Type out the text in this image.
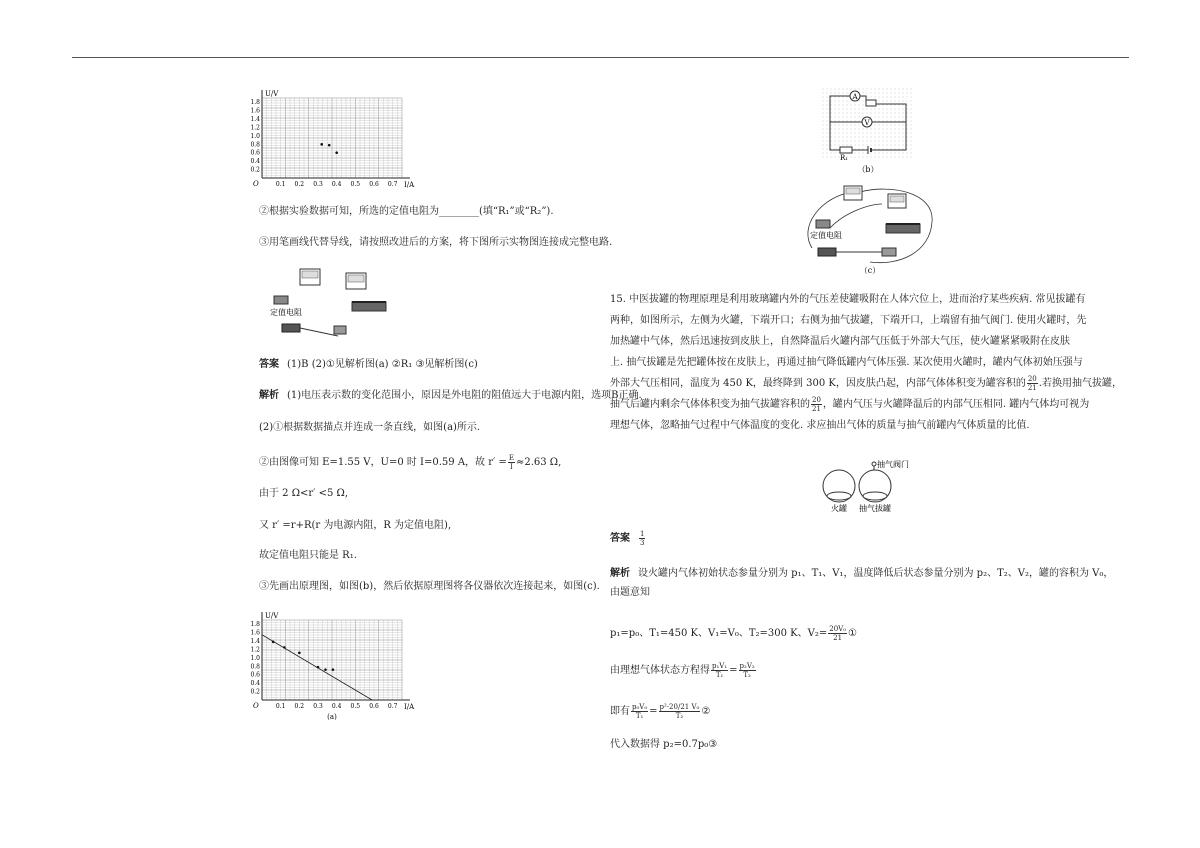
U/V
I/A
O
0.2
0.4
0.6
0.8
1.0
1.2
1.4
1.6
1.8
0.1 0.2 0.3 0.4 0.5 0.6 0.7
②根据实验数据可知，所选的定值电阻为________(填“R₁”或“R₂”).
③用笔画线代替导线，请按照改进后的方案，将下图所示实物图连接成完整电路.
定值电阻
答案 (1)B (2)①见解析图(a) ②R₁ ③见解析图(c)
解析 (1)电压表示数的变化范围小，原因是外电阻的阻值远大于电源内阻，选项B正确.
(2)①根据数据描点并连成一条直线，如图(a)所示.
②由图像可知 E=1.55 V，U=0 时 I=0.59 A，故 $r' = \frac{E}{I} \approx 2.63$ Ω,
由于 2 Ω<r′ <5 Ω,
又 r′ =r+R(r 为电源内阻，R 为定值电阻),
故定值电阻只能是 R₁.
③先画出原理图，如图(b)，然后依据原理图将各仪器依次连接起来，如图(c).
U/V
I/A
O
0.2
0.4
0.6
0.8
1.0
1.2
1.4
1.6
1.8
0.1 0.2 0.3 0.4 0.5 0.6 0.7
(a)
A
V
R₁
（b）
定值电阻
（c）
15. 中医拔罐的物理原理是利用玻璃罐内外的气压差使罐吸附在人体穴位上，进而治疗某些疾病. 常见拔罐有
两种，如图所示，左侧为火罐，下端开口；右侧为抽气拔罐，下端开口，上端留有抽气阀门. 使用火罐时，先
加热罐中气体，然后迅速按到皮肤上，自然降温后火罐内部气压低于外部大气压，使火罐紧紧吸附在皮肤
上. 抽气拔罐是先把罐体按在皮肤上，再通过抽气降低罐内气体压强. 某次使用火罐时，罐内气体初始压强与
外部大气压相同，温度为 450 K，最终降到 300 K，因皮肤凸起，内部气体体积变为罐容积的 $\frac{20}{21}$ .若换用抽气拔罐，
抽气后罐内剩余气体体积变为抽气拔罐容积的 $\frac{20}{21}$ ，罐内气压与火罐降温后的内部气压相同. 罐内气体均可视为
理想气体，忽略抽气过程中气体温度的变化. 求应抽出气体的质量与抽气前罐内气体质量的比值.
抽气阀门
火罐 抽气拔罐
答案 $\frac{1}{3}$
解析 设火罐内气体初始状态参量分别为 p₁、T₁、V₁，温度降低后状态参量分别为 p₂、T₂、V₂，罐的容积为 V₀，
由题意知
p₁=p₀、T₁=450 K、V₁=V₀、T₂=300 K、$V_2= \frac{\text{20V₀}}{21}$ ①
由理想气体状态方程得 $\frac{\text{p₁V₁}}{\text{T₁}} = \frac{\text{p₂V₂}}{\text{T₂}}$
即有 $\frac{\text{p₀V₀}}{\text{T₁}} = \frac{\text{p²·20/21 V₀}}{\text{T₂}}$ ②
代入数据得 p₂=0.7p₀③
